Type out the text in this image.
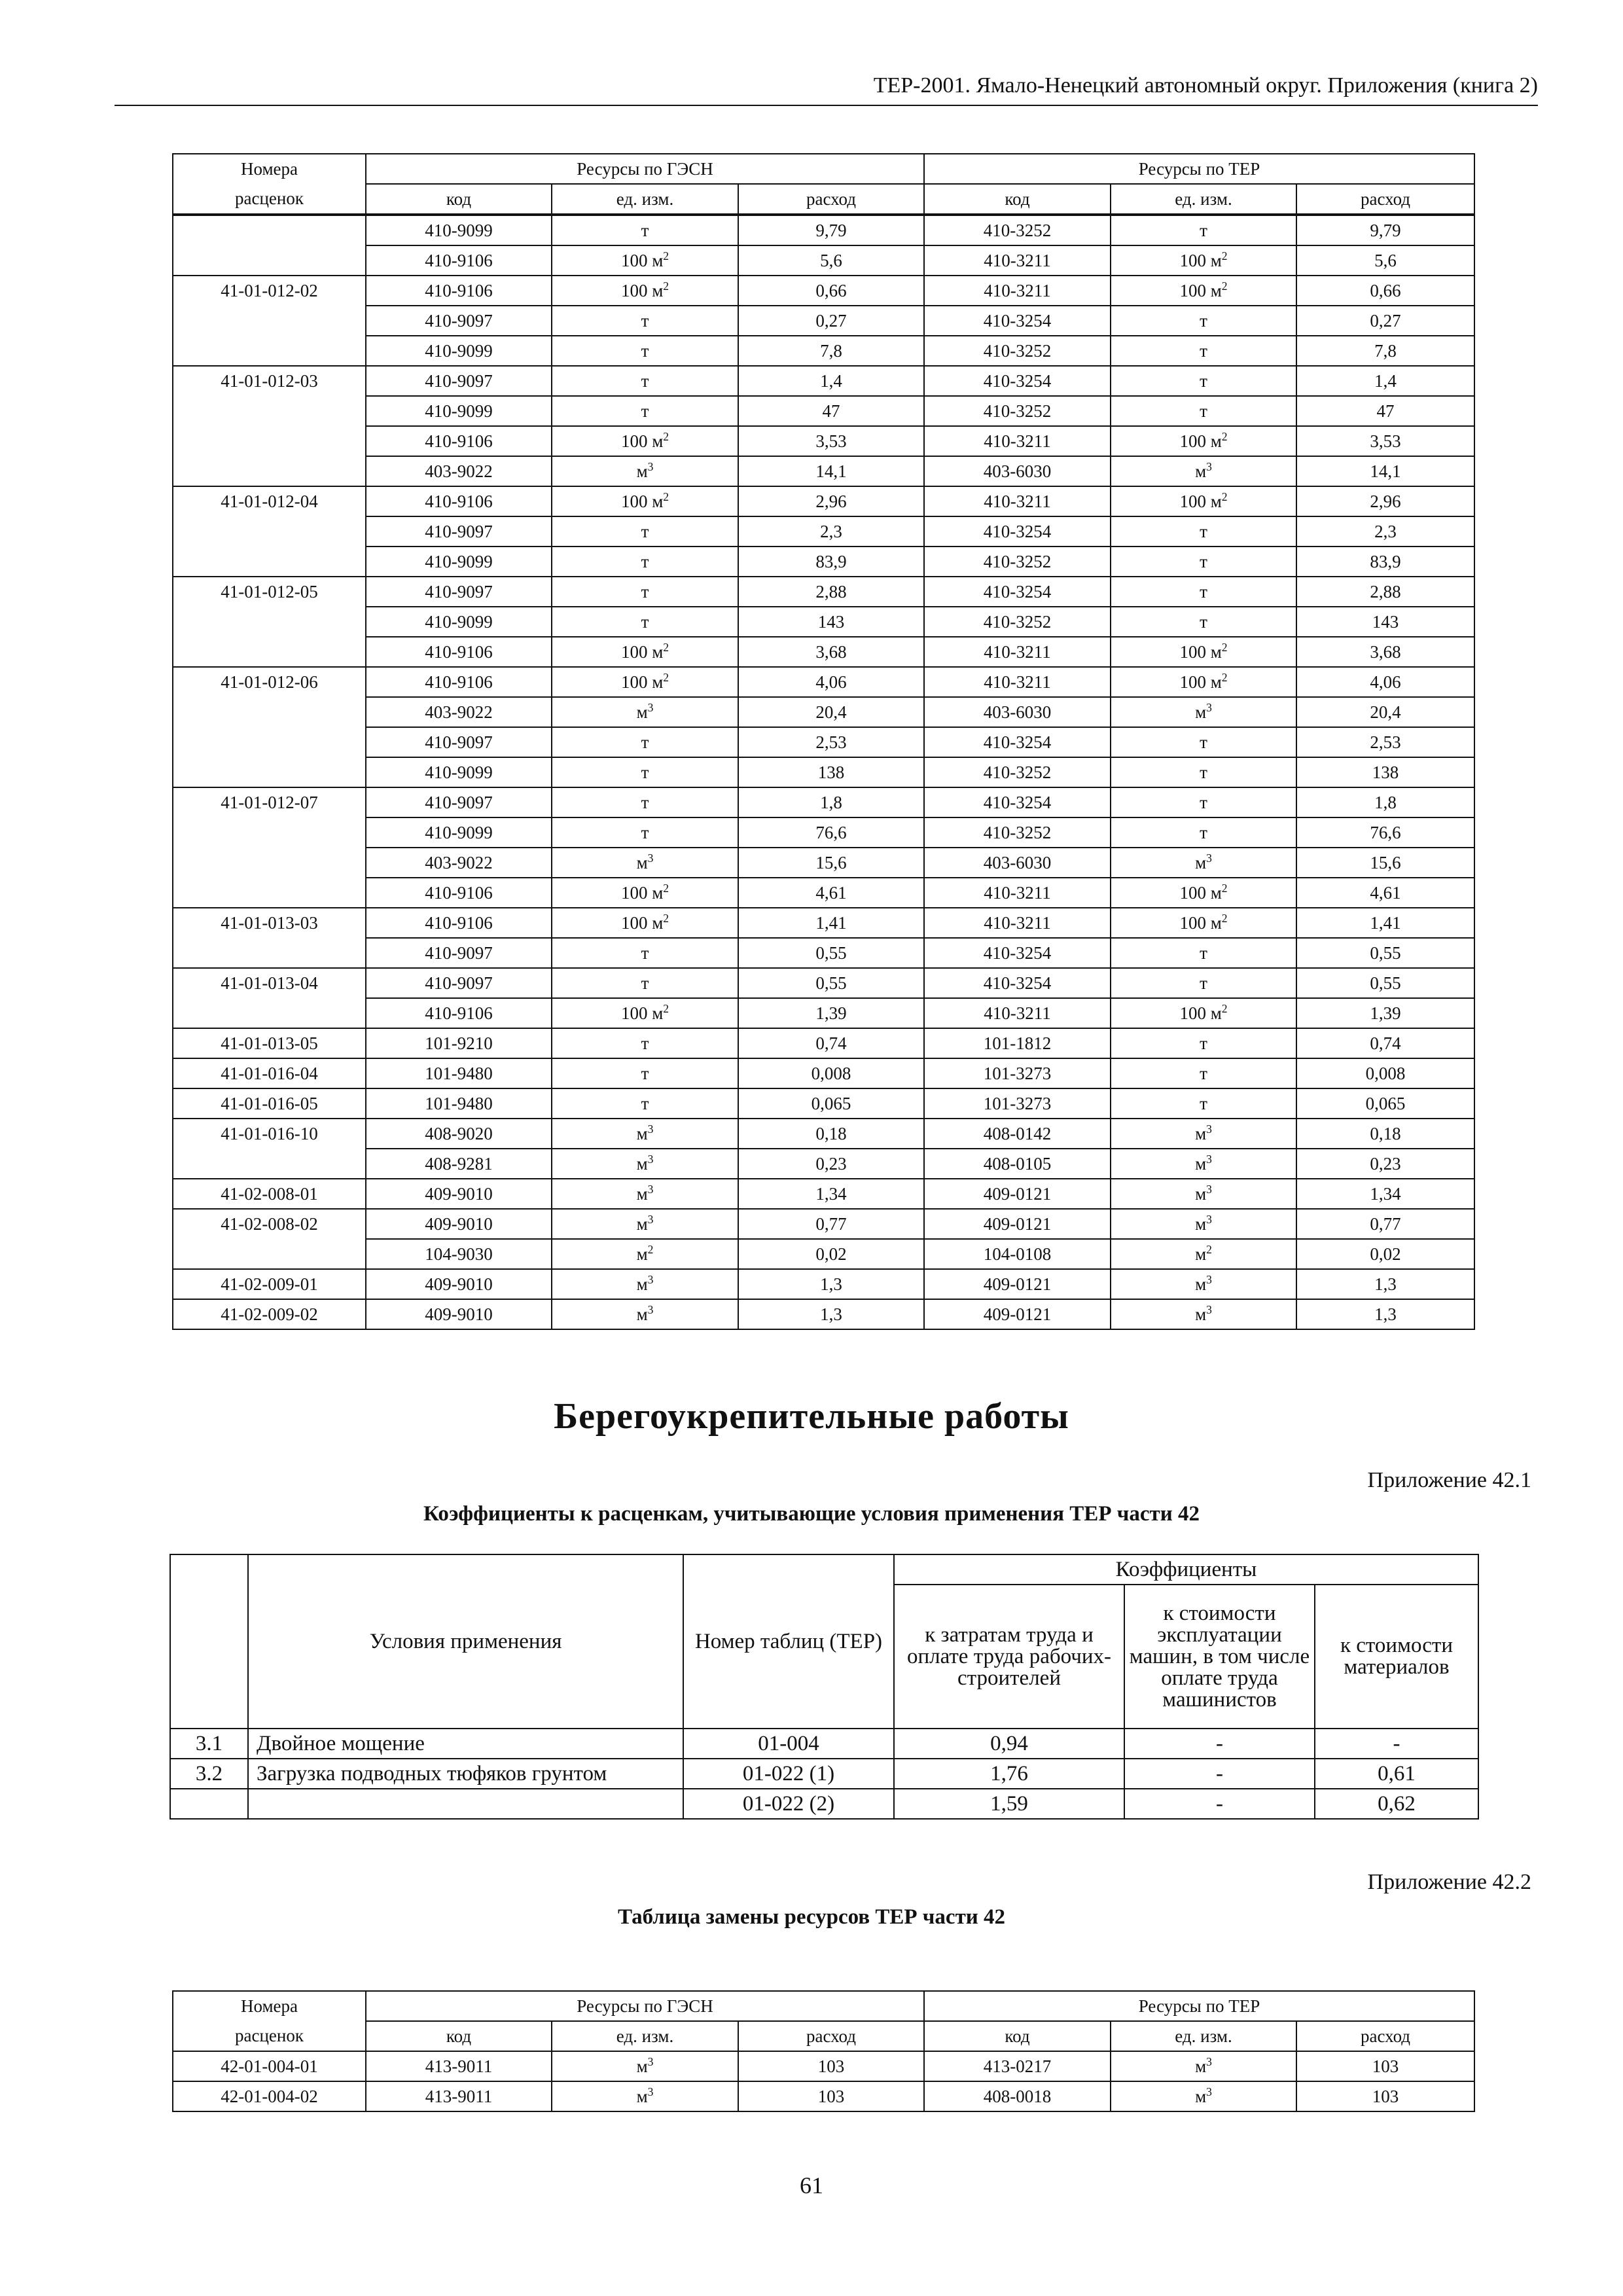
ТЕР-2001. Ямало-Ненецкий автономный округ. Приложения (книга 2)
Номера	Ресурсы по ГЭСН			Ресурсы по ТЕР		
расценок	код	ед. изм.	расход	код	ед. изм.	расход
	410-9099	т	9,79	410-3252	т	9,79
	410-9106	100 $м^2$	5,6	410-3211	100 $м^2$	5,6
41-01-012-02	410-9106	100 $м^2$	0,66	410-3211	100 $м^2$	0,66
	410-9097	т	0,27	410-3254	т	0,27
	410-9099	т	7,8	410-3252	т	7,8
41-01-012-03	410-9097	т	1,4	410-3254	т	1,4
	410-9099	т	47	410-3252	т	47
	410-9106	100 $м^2$	3,53	410-3211	100 $м^2$	3,53
	403-9022	$м^3$	14,1	403-6030	$м^3$	14,1
41-01-012-04	410-9106	100 $м^2$	2,96	410-3211	100 $м^2$	2,96
	410-9097	т	2,3	410-3254	т	2,3
	410-9099	т	83,9	410-3252	т	83,9
41-01-012-05	410-9097	т	2,88	410-3254	т	2,88
	410-9099	т	143	410-3252	т	143
	410-9106	100 $м^2$	3,68	410-3211	100 $м^2$	3,68
41-01-012-06	410-9106	100 $м^2$	4,06	410-3211	100 $м^2$	4,06
	403-9022	$м^3$	20,4	403-6030	$м^3$	20,4
	410-9097	т	2,53	410-3254	т	2,53
	410-9099	т	138	410-3252	т	138
41-01-012-07	410-9097	т	1,8	410-3254	т	1,8
	410-9099	т	76,6	410-3252	т	76,6
	403-9022	$м^3$	15,6	403-6030	$м^3$	15,6
	410-9106	100 $м^2$	4,61	410-3211	100 $м^2$	4,61
41-01-013-03	410-9106	100 $м^2$	1,41	410-3211	100 $м^2$	1,41
	410-9097	т	0,55	410-3254	т	0,55
41-01-013-04	410-9097	т	0,55	410-3254	т	0,55
	410-9106	100 $м^2$	1,39	410-3211	100 $м^2$	1,39
41-01-013-05	101-9210	т	0,74	101-1812	т	0,74
41-01-016-04	101-9480	т	0,008	101-3273	т	0,008
41-01-016-05	101-9480	т	0,065	101-3273	т	0,065
41-01-016-10	408-9020	$м^3$	0,18	408-0142	$м^3$	0,18
	408-9281	$м^3$	0,23	408-0105	$м^3$	0,23
41-02-008-01	409-9010	$м^3$	1,34	409-0121	$м^3$	1,34
41-02-008-02	409-9010	$м^3$	0,77	409-0121	$м^3$	0,77
	104-9030	$м^2$	0,02	104-0108	$м^2$	0,02
41-02-009-01	409-9010	$м^3$	1,3	409-0121	$м^3$	1,3
41-02-009-02	409-9010	$м^3$	1,3	409-0121	$м^3$	1,3
Берегоукрепительные работы
Приложение 42.1
Коэффициенты к расценкам, учитывающие условия применения ТЕР части 42
	Условия применения	Номер таблиц (ТЕР)	Коэффициенты		
			к затратам труда и оплате труда рабочих-строителей	к стоимости эксплуатации машин, в том числе оплате труда машинистов	к стоимости материалов
3.1	Двойное мощение	01-004	0,94	-	-
3.2	Загрузка подводных тюфяков грунтом	01-022 (1)	1,76	-	0,61
		01-022 (2)	1,59	-	0,62
Приложение 42.2
Таблица замены ресурсов ТЕР части 42
Номера	Ресурсы по ГЭСН			Ресурсы по ТЕР		
расценок	код	ед. изм.	расход	код	ед. изм.	расход
42-01-004-01	413-9011	$м^3$	103	413-0217	$м^3$	103
42-01-004-02	413-9011	$м^3$	103	408-0018	$м^3$	103
61
